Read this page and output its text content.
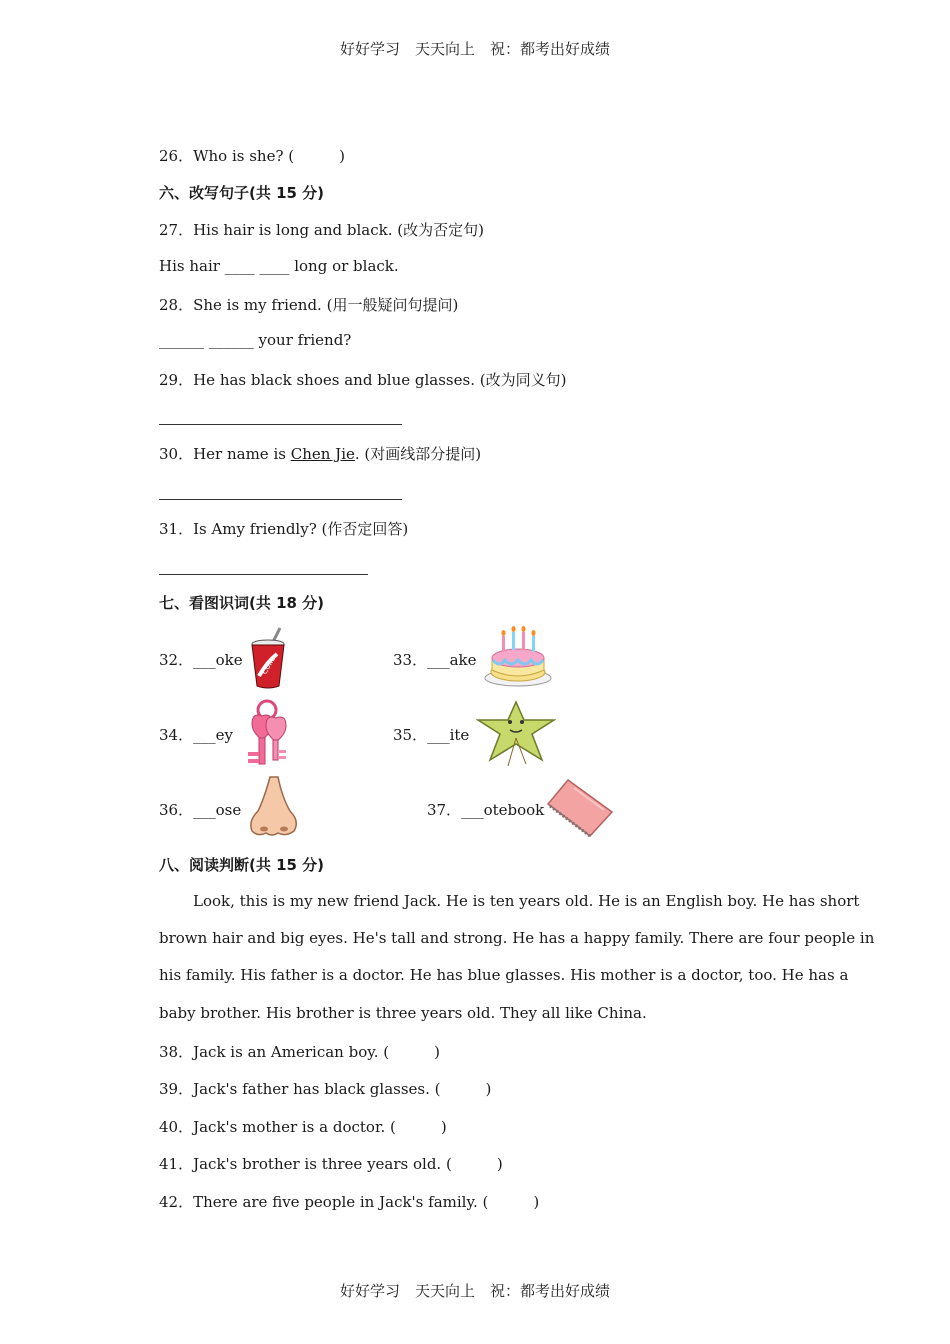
好好学习　天天向上　祝：都考出好成绩
26．Who is she? (　　　)
六、改写句子(共 15 分)
27．His hair is long and black. (改为否定句)
His hair ____ ____ long or black.
28．She is my friend. (用一般疑问句提问)
______ ______ your friend?
29．He has black shoes and blue glasses. (改为同义句)
30．Her name is Chen Jie. (对画线部分提问)
31．Is Amy friendly? (作否定回答)
七、看图识词(共 18 分)
32．___oke Coke	33．___ake
34．___ey	35．___ite
36．___ose	37．___otebook
八、阅读判断(共 15 分)
Look, this is my new friend Jack. He is ten years old. He is an English boy. He has short
brown hair and big eyes. He's tall and strong. He has a happy family. There are four people in
his family. His father is a doctor. He has blue glasses. His mother is a doctor, too. He has a
baby brother. His brother is three years old. They all like China.
38．Jack is an American boy. (　　　)
39．Jack's father has black glasses. (　　　)
40．Jack's mother is a doctor. (　　　)
41．Jack's brother is three years old. (　　　)
42．There are five people in Jack's family. (　　　)
好好学习　天天向上　祝：都考出好成绩
